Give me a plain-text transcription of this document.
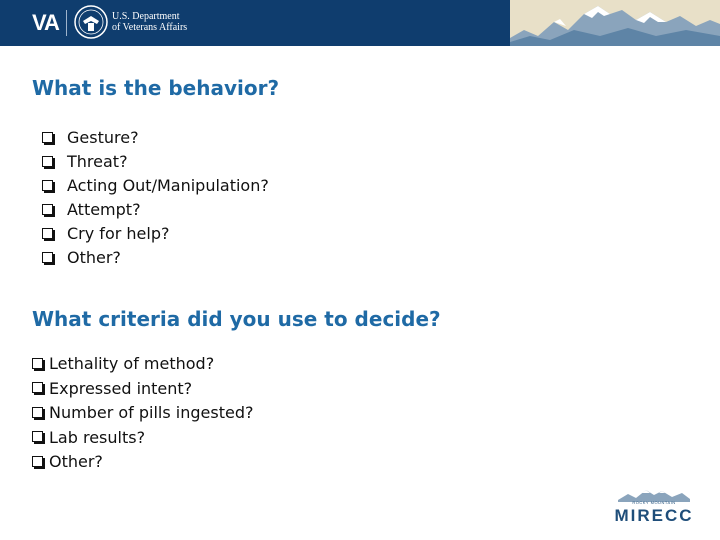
VA	U.S. Department
of Veterans Affairs
What is the behavior?
Gesture?
Threat?
Acting Out/Manipulation?
Attempt?
Cry for help?
Other?
What criteria did you use to decide?
Lethality of method?
Expressed intent?
Number of pills ingested?
Lab results?
Other?
ROCKY MOUNTAIN
MIRECC
